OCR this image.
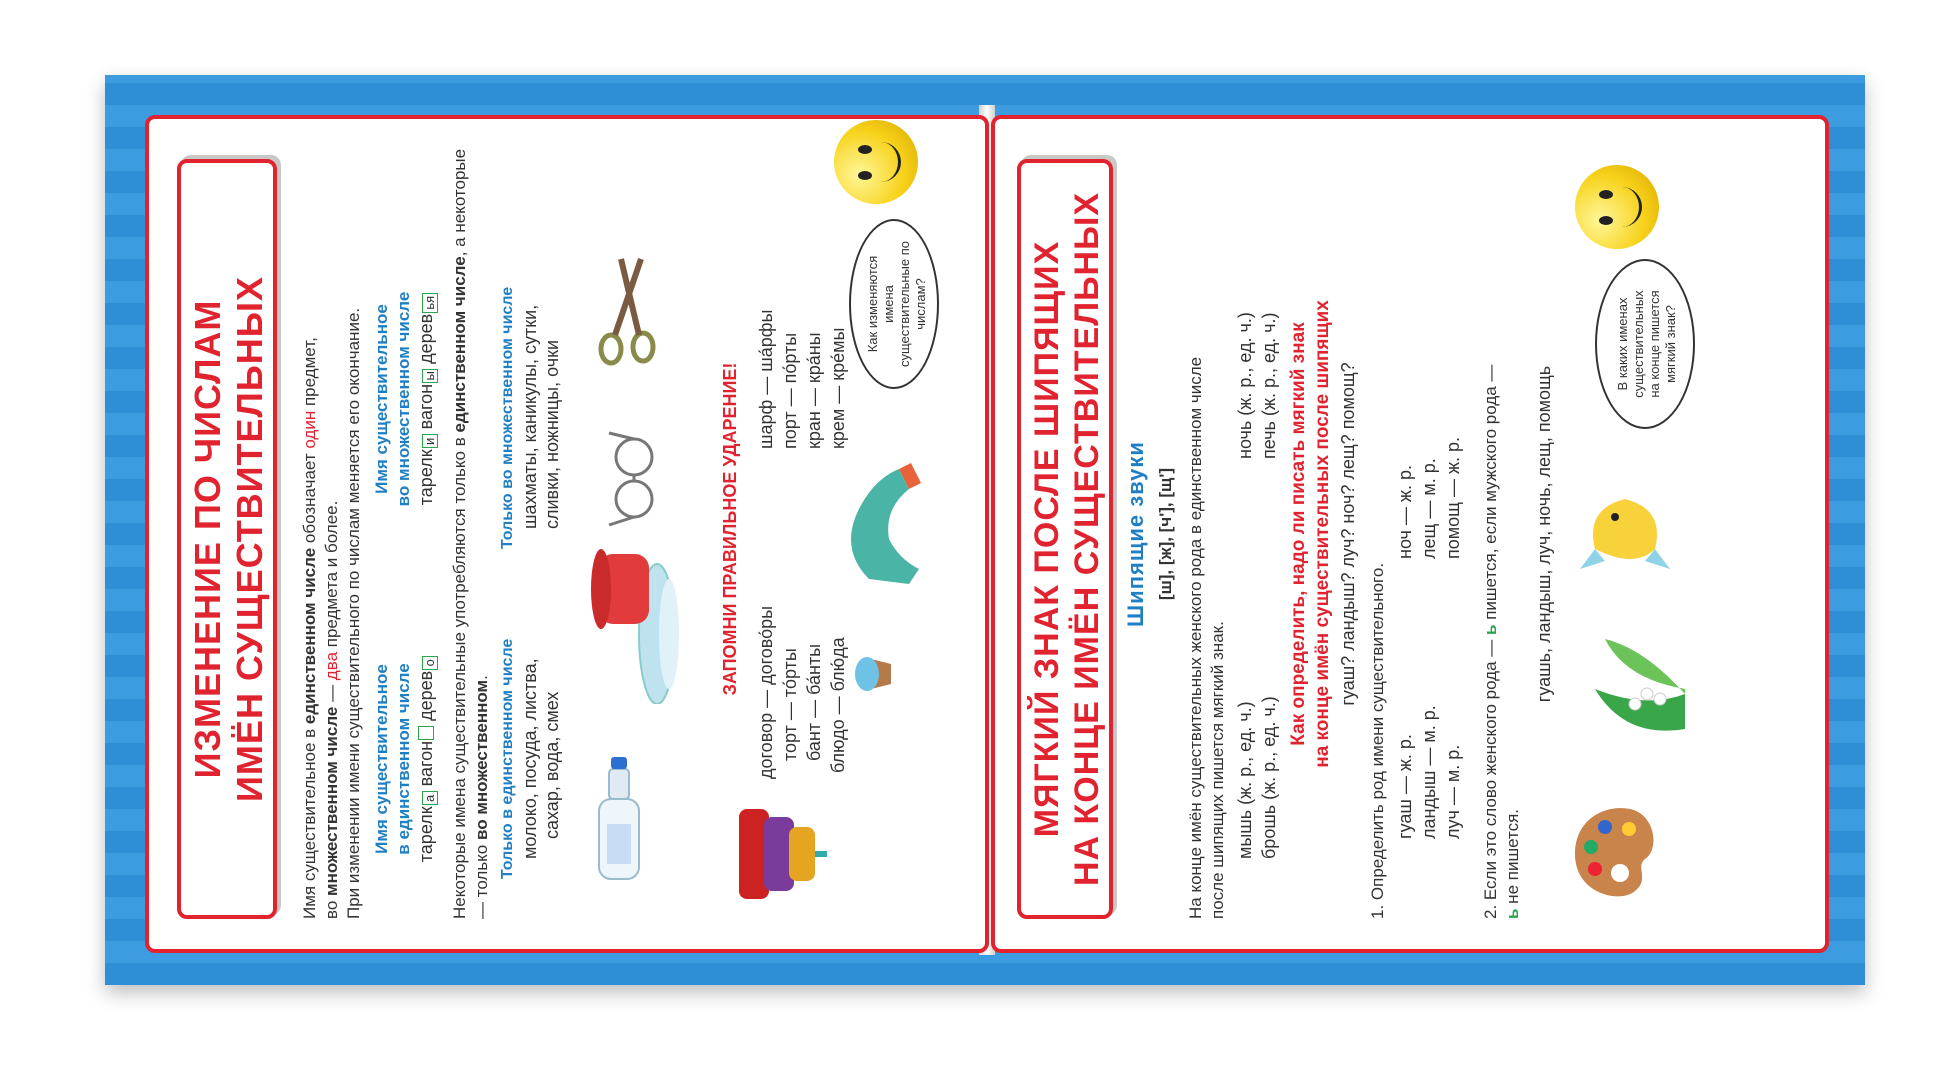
ИЗМЕНЕНИЕ ПО ЧИСЛАМ ИМЁН СУЩЕСТВИТЕЛЬНЫХ
Имя существительное в единственном числе обозначает один предмет,
во множественном числе — два предмета и более. При изменении имени существительного по числам меняется его окончание. Имя существительное в единственном числе тарелка вагон дерево
Имя существительное во множественном числе тарелки вагоны деревья
Некоторые имена существительные употребляются только в единственном числе, а некоторые — только во множественном. Только в единственном числе молоко, посуда, листва, сахар, вода, смех
Только во множественном числе шахматы, каникулы, сутки, сливки, ножницы, очки	ЗАПОМНИ ПРАВИЛЬНОЕ УДАРЕНИЕ! договор — догово́ры торт — то́рты бант — ба́нты блюдо — блю́да
шарф — ша́рфы порт — по́рты кран — кра́ны крем — кре́мы
Как изменяются имена существительные по числам?	МЯГКИЙ ЗНАК ПОСЛЕ ШИПЯЩИХ НА КОНЦЕ ИМЁН СУЩЕСТВИТЕЛЬНЫХ Шипящие звуки [ш], [ж], [ч'], [щ'] На конце имён существительных женского рода в единственном числе после шипящих пишется мягкий знак. мышь (ж. р., ед. ч.) брошь (ж. р., ед. ч.)
ночь (ж. р., ед. ч.) печь (ж. р., ед. ч.) Как определить, надо ли писать мягкий знак на конце имён существительных после шипящих гуаш? ландыш? луч? ноч? лещ? помощ?
1. Определить род имени существительного. гуаш — ж. р. ландыш — м. р. луч — м. р.
ноч — ж. р. лещ — м. р. помощ — ж. р.
2. Если это слово женского рода — ь пишется, если мужского рода —
ь не пишется.
гуашь, ландыш, луч, ночь, лещ, помощь
В каких именах существительных на конце пишется мягкий знак?
